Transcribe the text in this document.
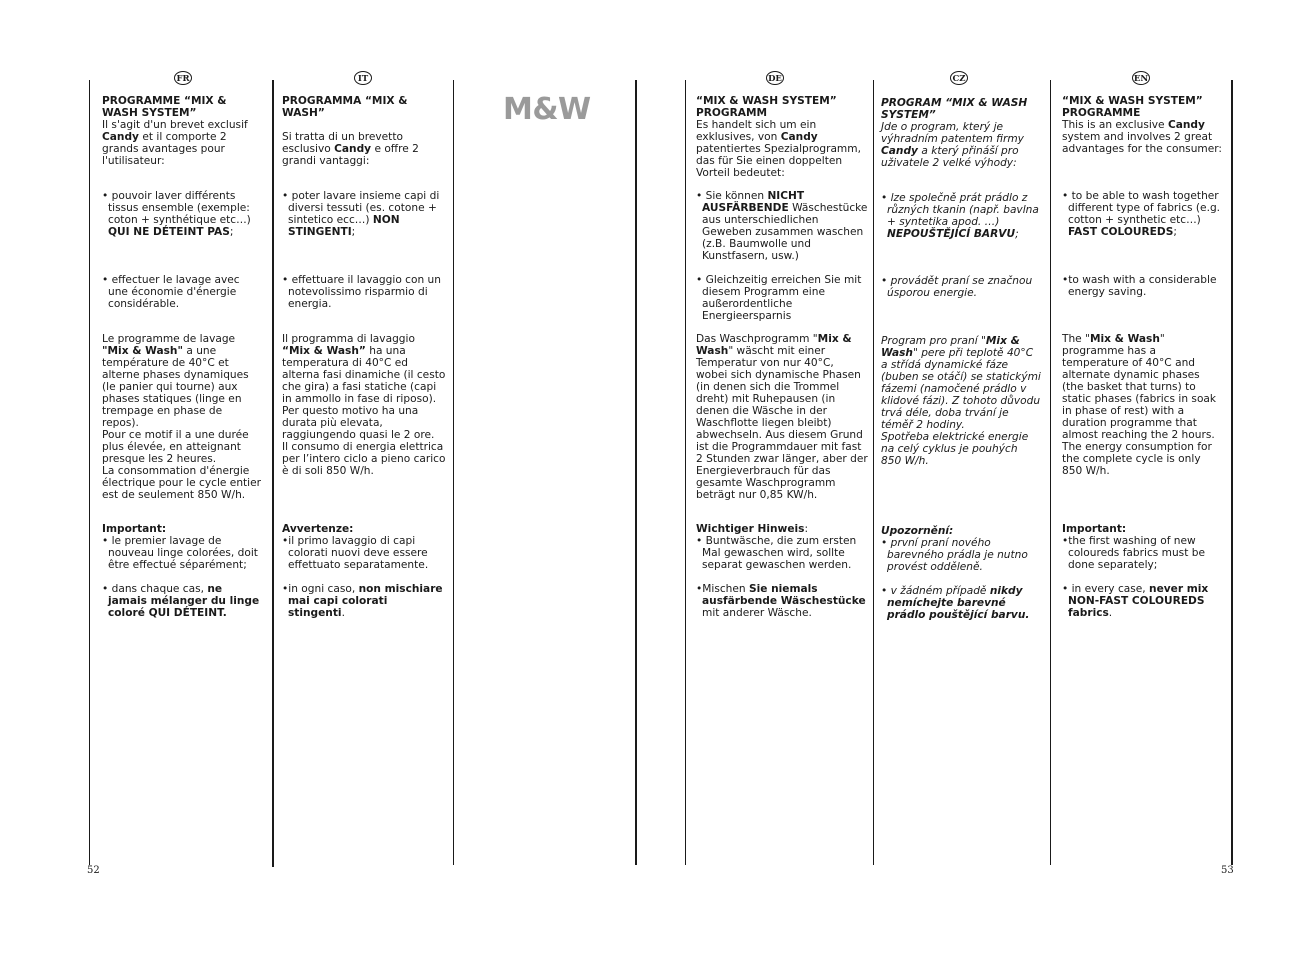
FR	IT	DE	CZ	EN
M&W

PROGRAMME “MIX & WASH SYSTEM”

Il s'agit d'un brevet exclusif Candy et il comporte 2 grands avantages pour l'utilisateur:

• pouvoir laver différents tissus ensemble (exemple: coton + synthétique etc…) QUI NE DÉTEINT PAS;

• effectuer le lavage avec une économie d'énergie considérable.

Le programme de lavage "Mix & Wash" a une température de 40°C et alterne phases dynamiques (le panier qui tourne) aux phases statiques (linge en trempage en phase de repos).

Pour ce motif il a une durée plus élevée, en atteignant presque les 2 heures.

La consommation d'énergie électrique pour le cycle entier est de seulement 850 W/h.

Important:

• le premier lavage de nouveau linge colorées, doit être effectué séparément;

• dans chaque cas, ne jamais mélanger du linge coloré QUI DÉTEINT.

PROGRAMMA “MIX & WASH”

Si tratta di un brevetto esclusivo Candy e offre 2 grandi vantaggi:

• poter lavare insieme capi di diversi tessuti (es. cotone + sintetico ecc…) NON STINGENTI;

• effettuare il lavaggio con un notevolissimo risparmio di energia.

Il programma di lavaggio “Mix & Wash” ha una temperatura di 40°C ed alterna fasi dinamiche (il cesto che gira) a fasi statiche (capi in ammollo in fase di riposo). Per questo motivo ha una durata più elevata, raggiungendo quasi le 2 ore.

Il consumo di energia elettrica per l’intero ciclo a pieno carico è di soli 850 W/h.

Avvertenze:

•il primo lavaggio di capi colorati nuovi deve essere effettuato separatamente.

•in ogni caso, non mischiare mai capi colorati stingenti.

“MIX & WASH SYSTEM” PROGRAMM

Es handelt sich um ein exklusives, von Candy patentiertes Spezialprogramm, das für Sie einen doppelten Vorteil bedeutet:

• Sie können NICHT AUSFÄRBENDE Wäschestücke aus unterschiedlichen Geweben zusammen waschen (z.B. Baumwolle und Kunstfasern, usw.)

• Gleichzeitig erreichen Sie mit diesem Programm eine außerordentliche Energieersparnis

Das Waschprogramm "Mix & Wash" wäscht mit einer Temperatur von nur 40°C, wobei sich dynamische Phasen (in denen sich die Trommel dreht) mit Ruhepausen (in denen die Wäsche in der Waschflotte liegen bleibt) abwechseln. Aus diesem Grund ist die Programmdauer mit fast 2 Stunden zwar länger, aber der Energieverbrauch für das gesamte Waschprogramm beträgt nur 0,85 KW/h.

Wichtiger Hinweis:

• Buntwäsche, die zum ersten Mal gewaschen wird, sollte separat gewaschen werden.

•Mischen Sie niemals ausfärbende Wäschestücke mit anderer Wäsche.

PROGRAM “MIX & WASH SYSTEM”

Jde o program, který je výhradním patentem firmy Candy a který přináší pro uživatele 2 velké výhody:

• lze společně prát prádlo z různých tkanin (např. bavlna + syntetika apod. …) NEPOUŠTĚJÍCÍ BARVU;

• provádět praní se značnou úsporou energie.

Program pro praní "Mix & Wash" pere při teplotě 40°C a střídá dynamické fáze (buben se otáčí) se statickými fázemi (namočené prádlo v klidové fázi). Z tohoto důvodu trvá déle, doba trvání je téměř 2 hodiny.

Spotřeba elektrické energie na celý cyklus je pouhých 850 W/h.

Upozornění:

• první praní nového barevného prádla je nutno provést odděleně.

• v žádném případě nikdy nemíchejte barevné prádlo pouštějící barvu.

“MIX & WASH SYSTEM” PROGRAMME

This is an exclusive Candy system and involves 2 great advantages for the consumer:

• to be able to wash together different type of fabrics (e.g. cotton + synthetic etc…) FAST COLOUREDS;

•to wash with a considerable energy saving.

The "Mix & Wash" programme has a temperature of 40°C and alternate dynamic phases (the basket that turns) to static phases (fabrics in soak in phase of rest) with a duration programme that almost reaching the 2 hours. The energy consumption for the complete cycle is only 850 W/h.

Important:

•the first washing of new coloureds fabrics must be done separately;

• in every case, never mix NON-FAST COLOUREDS fabrics.

52	53
